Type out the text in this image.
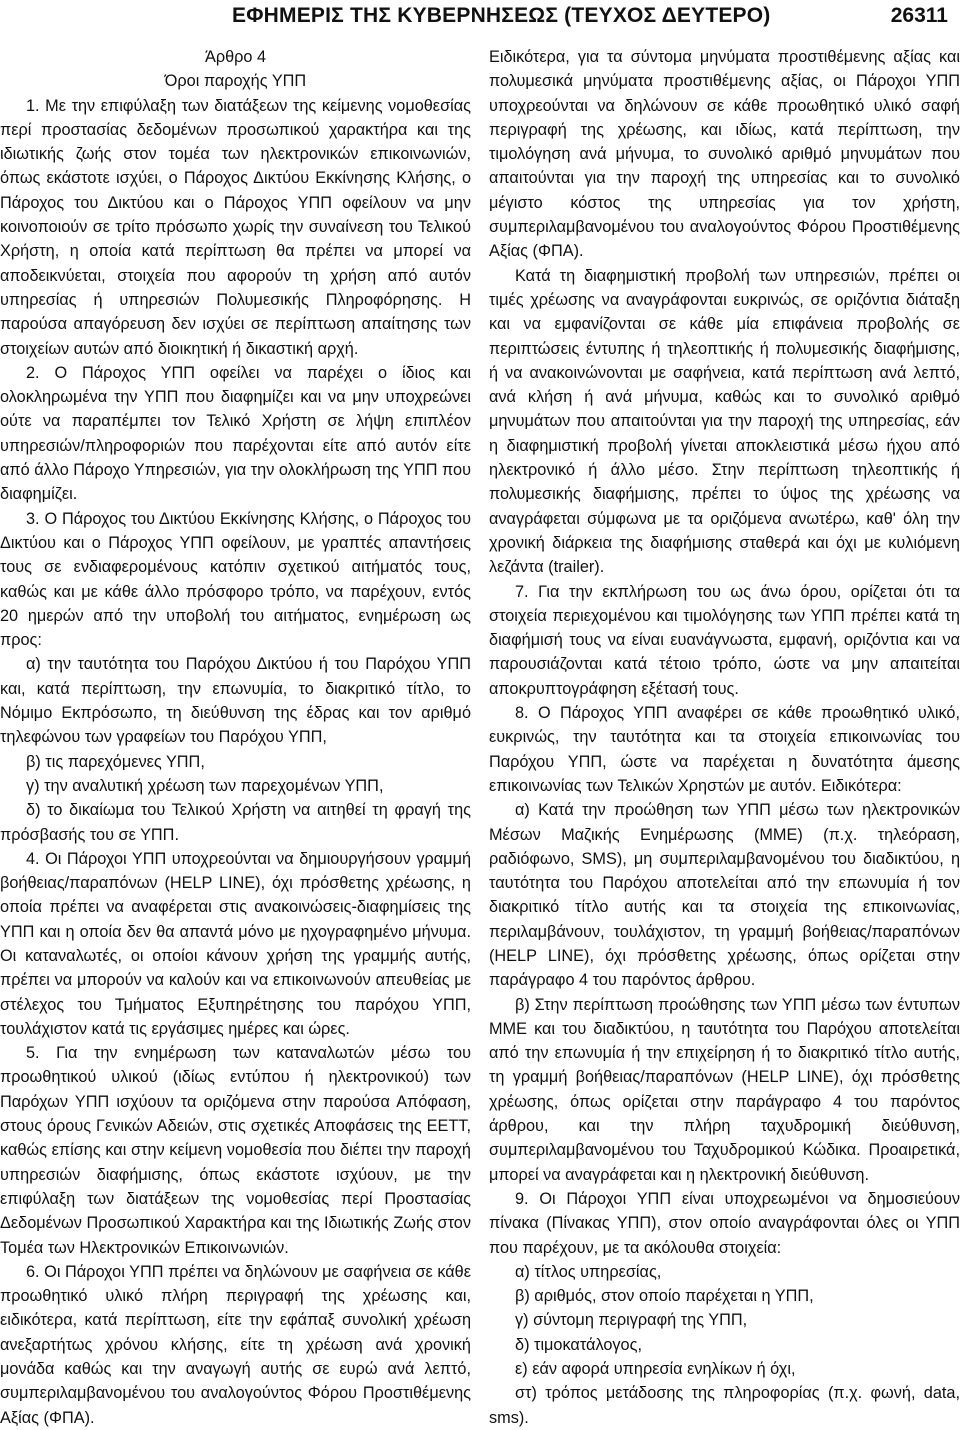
ΕΦΗΜΕΡΙΣ ΤΗΣ ΚΥΒΕΡΝΗΣΕΩΣ (ΤΕΥΧΟΣ ΔΕΥΤΕΡΟ)	26311

Άρθρο 4

Όροι παροχής ΥΠΠ

1. Με την επιφύλαξη των διατάξεων της κείμενης νομοθεσίας περί προστασίας δεδομένων προσωπικού χαρακτήρα και της ιδιωτικής ζωής στον τομέα των ηλεκτρονικών επικοινωνιών, όπως εκάστοτε ισχύει, ο Πάροχος Δικτύου Εκκίνησης Κλήσης, ο Πάροχος του Δικτύου και ο Πάροχος ΥΠΠ οφείλουν να μην κοινοποιούν σε τρίτο πρόσωπο χωρίς την συναίνεση του Τελικού Χρήστη, η οποία κατά περίπτωση θα πρέπει να μπορεί να αποδεικνύεται, στοιχεία που αφορούν τη χρήση από αυτόν υπηρεσίας ή υπηρεσιών Πολυμεσικής Πληροφόρησης. Η παρούσα απαγόρευση δεν ισχύει σε περίπτωση απαίτησης των στοιχείων αυτών από διοικητική ή δικαστική αρχή.

2. Ο Πάροχος ΥΠΠ οφείλει να παρέχει ο ίδιος και ολοκληρωμένα την ΥΠΠ που διαφημίζει και να μην υποχρεώνει ούτε να παραπέμπει τον Τελικό Χρήστη σε λήψη επιπλέον υπηρεσιών/πληροφοριών που παρέχονται είτε από αυτόν είτε από άλλο Πάροχο Υπηρεσιών, για την ολοκλήρωση της ΥΠΠ που διαφημίζει.

3. Ο Πάροχος του Δικτύου Εκκίνησης Κλήσης, ο Πάροχος του Δικτύου και ο Πάροχος ΥΠΠ οφείλουν, με γραπτές απαντήσεις τους σε ενδιαφερομένους κατόπιν σχετικού αιτήματός τους, καθώς και με κάθε άλλο πρόσφορο τρόπο, να παρέχουν, εντός 20 ημερών από την υποβολή του αιτήματος, ενημέρωση ως προς:

α) την ταυτότητα του Παρόχου Δικτύου ή του Παρόχου ΥΠΠ και, κατά περίπτωση, την επωνυμία, το διακριτικό τίτλο, το Νόμιμο Εκπρόσωπο, τη διεύθυνση της έδρας και τον αριθμό τηλεφώνου των γραφείων του Παρόχου ΥΠΠ,

β) τις παρεχόμενες ΥΠΠ,

γ) την αναλυτική χρέωση των παρεχομένων ΥΠΠ,

δ) το δικαίωμα του Τελικού Χρήστη να αιτηθεί τη φραγή της πρόσβασής του σε ΥΠΠ.

4. Οι Πάροχοι ΥΠΠ υποχρεούνται να δημιουργήσουν γραμμή βοήθειας/παραπόνων (HELP LINE), όχι πρόσθετης χρέωσης, η οποία πρέπει να αναφέρεται στις ανακοινώσεις-διαφημίσεις της ΥΠΠ και η οποία δεν θα απαντά μόνο με ηχογραφημένο μήνυμα. Οι καταναλωτές, οι οποίοι κάνουν χρήση της γραμμής αυτής, πρέπει να μπορούν να καλούν και να επικοινωνούν απευθείας με στέλεχος του Τμήματος Εξυπηρέτησης του παρόχου ΥΠΠ, τουλάχιστον κατά τις εργάσιμες ημέρες και ώρες.

5. Για την ενημέρωση των καταναλωτών μέσω του προωθητικού υλικού (ιδίως εντύπου ή ηλεκτρονικού) των Παρόχων ΥΠΠ ισχύουν τα οριζόμενα στην παρούσα Απόφαση, στους όρους Γενικών Αδειών, στις σχετικές Αποφάσεις της ΕΕΤΤ, καθώς επίσης και στην κείμενη νομοθεσία που διέπει την παροχή υπηρεσιών διαφήμισης, όπως εκάστοτε ισχύουν, με την επιφύλαξη των διατάξεων της νομοθεσίας περί Προστασίας Δεδομένων Προσωπικού Χαρακτήρα και της Ιδιωτικής Ζωής στον Τομέα των Ηλεκτρονικών Επικοινωνιών.

6. Οι Πάροχοι ΥΠΠ πρέπει να δηλώνουν με σαφήνεια σε κάθε προωθητικό υλικό πλήρη περιγραφή της χρέωσης και, ειδικότερα, κατά περίπτωση, είτε την εφάπαξ συνολική χρέωση ανεξαρτήτως χρόνου κλήσης, είτε τη χρέωση ανά χρονική μονάδα καθώς και την αναγωγή αυτής σε ευρώ ανά λεπτό, συμπεριλαμβανομένου του αναλογούντος Φόρου Προστιθέμενης Αξίας (ΦΠΑ).

Ειδικότερα, για τα σύντομα μηνύματα προστιθέμενης αξίας και πολυμεσικά μηνύματα προστιθέμενης αξίας, οι Πάροχοι ΥΠΠ υποχρεούνται να δηλώνουν σε κάθε προωθητικό υλικό σαφή περιγραφή της χρέωσης, και ιδίως, κατά περίπτωση, την τιμολόγηση ανά μήνυμα, το συνολικό αριθμό μηνυμάτων που απαιτούνται για την παροχή της υπηρεσίας και το συνολικό μέγιστο κόστος της υπηρεσίας για τον χρήστη, συμπεριλαμβανομένου του αναλογούντος Φόρου Προστιθέμενης Αξίας (ΦΠΑ).

Κατά τη διαφημιστική προβολή των υπηρεσιών, πρέπει οι τιμές χρέωσης να αναγράφονται ευκρινώς, σε οριζόντια διάταξη και να εμφανίζονται σε κάθε μία επιφάνεια προβολής σε περιπτώσεις έντυπης ή τηλεοπτικής ή πολυμεσικής διαφήμισης, ή να ανακοινώνονται με σαφήνεια, κατά περίπτωση ανά λεπτό, ανά κλήση ή ανά μήνυμα, καθώς και το συνολικό αριθμό μηνυμάτων που απαιτούνται για την παροχή της υπηρεσίας, εάν η διαφημιστική προβολή γίνεται αποκλειστικά μέσω ήχου από ηλεκτρονικό ή άλλο μέσο. Στην περίπτωση τηλεοπτικής ή πολυμεσικής διαφήμισης, πρέπει το ύψος της χρέωσης να αναγράφεται σύμφωνα με τα οριζόμενα ανωτέρω, καθ' όλη την χρονική διάρκεια της διαφήμισης σταθερά και όχι με κυλιόμενη λεζάντα (trailer).

7. Για την εκπλήρωση του ως άνω όρου, ορίζεται ότι τα στοιχεία περιεχομένου και τιμολόγησης των ΥΠΠ πρέπει κατά τη διαφήμισή τους να είναι ευανάγνωστα, εμφανή, οριζόντια και να παρουσιάζονται κατά τέτοιο τρόπο, ώστε να μην απαιτείται αποκρυπτογράφηση εξέτασή τους.

8. Ο Πάροχος ΥΠΠ αναφέρει σε κάθε προωθητικό υλικό, ευκρινώς, την ταυτότητα και τα στοιχεία επικοινωνίας του Παρόχου ΥΠΠ, ώστε να παρέχεται η δυνατότητα άμεσης επικοινωνίας των Τελικών Χρηστών με αυτόν. Ειδικότερα:

α) Κατά την προώθηση των ΥΠΠ μέσω των ηλεκτρονικών Μέσων Μαζικής Ενημέρωσης (ΜΜΕ) (π.χ. τηλεόραση, ραδιόφωνο, SMS), μη συμπεριλαμβανομένου του διαδικτύου, η ταυτότητα του Παρόχου αποτελείται από την επωνυμία ή τον διακριτικό τίτλο αυτής και τα στοιχεία της επικοινωνίας, περιλαμβάνουν, τουλάχιστον, τη γραμμή βοήθειας/παραπόνων (HELP LINE), όχι πρόσθετης χρέωσης, όπως ορίζεται στην παράγραφο 4 του παρόντος άρθρου.

β) Στην περίπτωση προώθησης των ΥΠΠ μέσω των έντυπων ΜΜΕ και του διαδικτύου, η ταυτότητα του Παρόχου αποτελείται από την επωνυμία ή την επιχείρηση ή το διακριτικό τίτλο αυτής, τη γραμμή βοήθειας/παραπόνων (HELP LINE), όχι πρόσθετης χρέωσης, όπως ορίζεται στην παράγραφο 4 του παρόντος άρθρου, και την πλήρη ταχυδρομική διεύθυνση, συμπεριλαμβανομένου του Ταχυδρομικού Κώδικα. Προαιρετικά, μπορεί να αναγράφεται και η ηλεκτρονική διεύθυνση.

9. Οι Πάροχοι ΥΠΠ είναι υποχρεωμένοι να δημοσιεύουν πίνακα (Πίνακας ΥΠΠ), στον οποίο αναγράφονται όλες οι ΥΠΠ που παρέχουν, με τα ακόλουθα στοιχεία:

α) τίτλος υπηρεσίας,

β) αριθμός, στον οποίο παρέχεται η ΥΠΠ,

γ) σύντομη περιγραφή της ΥΠΠ,

δ) τιμοκατάλογος,

ε) εάν αφορά υπηρεσία ενηλίκων ή όχι,

στ) τρόπος μετάδοσης της πληροφορίας (π.χ. φωνή, data, sms).
